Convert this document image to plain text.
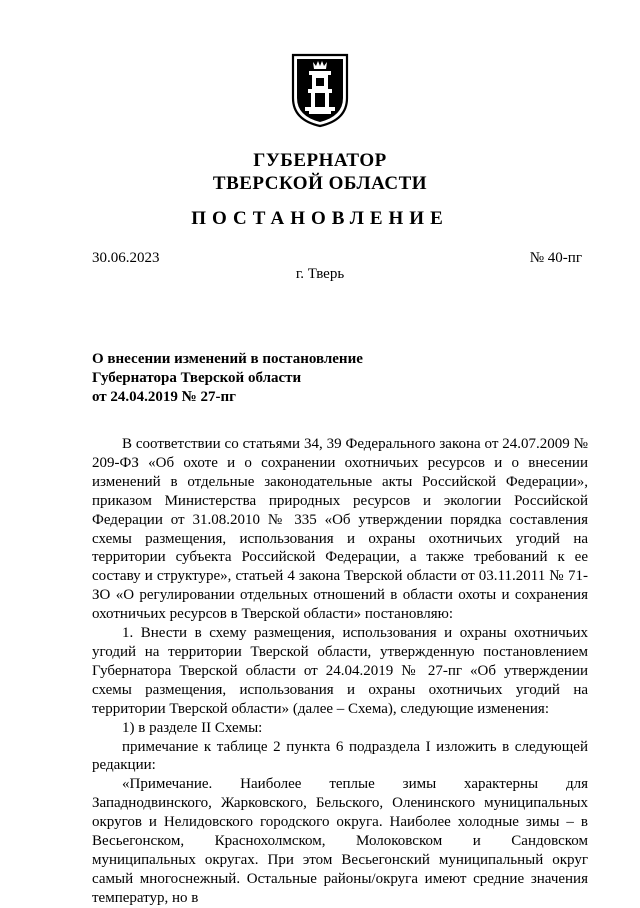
ГУБЕРНАТОР
ТВЕРСКОЙ ОБЛАСТИ
ПОСТАНОВЛЕНИЕ
30.06.2023	№ 40-пг
г. Тверь
О внесении изменений в постановление
Губернатора Тверской области
от 24.04.2019 № 27-пг

В соответствии со статьями 34, 39 Федерального закона от 24.07.2009 № 209-ФЗ «Об охоте и о сохранении охотничьих ресурсов и о внесении изменений в отдельные законодательные акты Российской Федерации», приказом Министерства природных ресурсов и экологии Российской Федерации от 31.08.2010 № 335 «Об утверждении порядка составления схемы размещения, использования и охраны охотничьих угодий на территории субъекта Российской Федерации, а также требований к ее составу и структуре», статьей 4 закона Тверской области от 03.11.2011 № 71-ЗО «О регулировании отдельных отношений в области охоты и сохранения охотничьих ресурсов в Тверской области» постановляю:

1. Внести в схему размещения, использования и охраны охотничьих угодий на территории Тверской области, утвержденную постановлением Губернатора Тверской области от 24.04.2019 № 27-пг «Об утверждении схемы размещения, использования и охраны охотничьих угодий на территории Тверской области» (далее – Схема), следующие изменения:

1) в разделе II Схемы:

примечание к таблице 2 пункта 6 подраздела I изложить в следующей редакции:

«Примечание. Наиболее теплые зимы характерны для Западнодвинского, Жарковского, Бельского, Оленинского муниципальных округов и Нелидовского городского округа. Наиболее холодные зимы – в Весьегонском, Краснохолмском, Молоковском и Сандовском муниципальных округах. При этом Весьегонский муниципальный округ самый многоснежный. Остальные районы/округа имеют средние значения температур, но в
